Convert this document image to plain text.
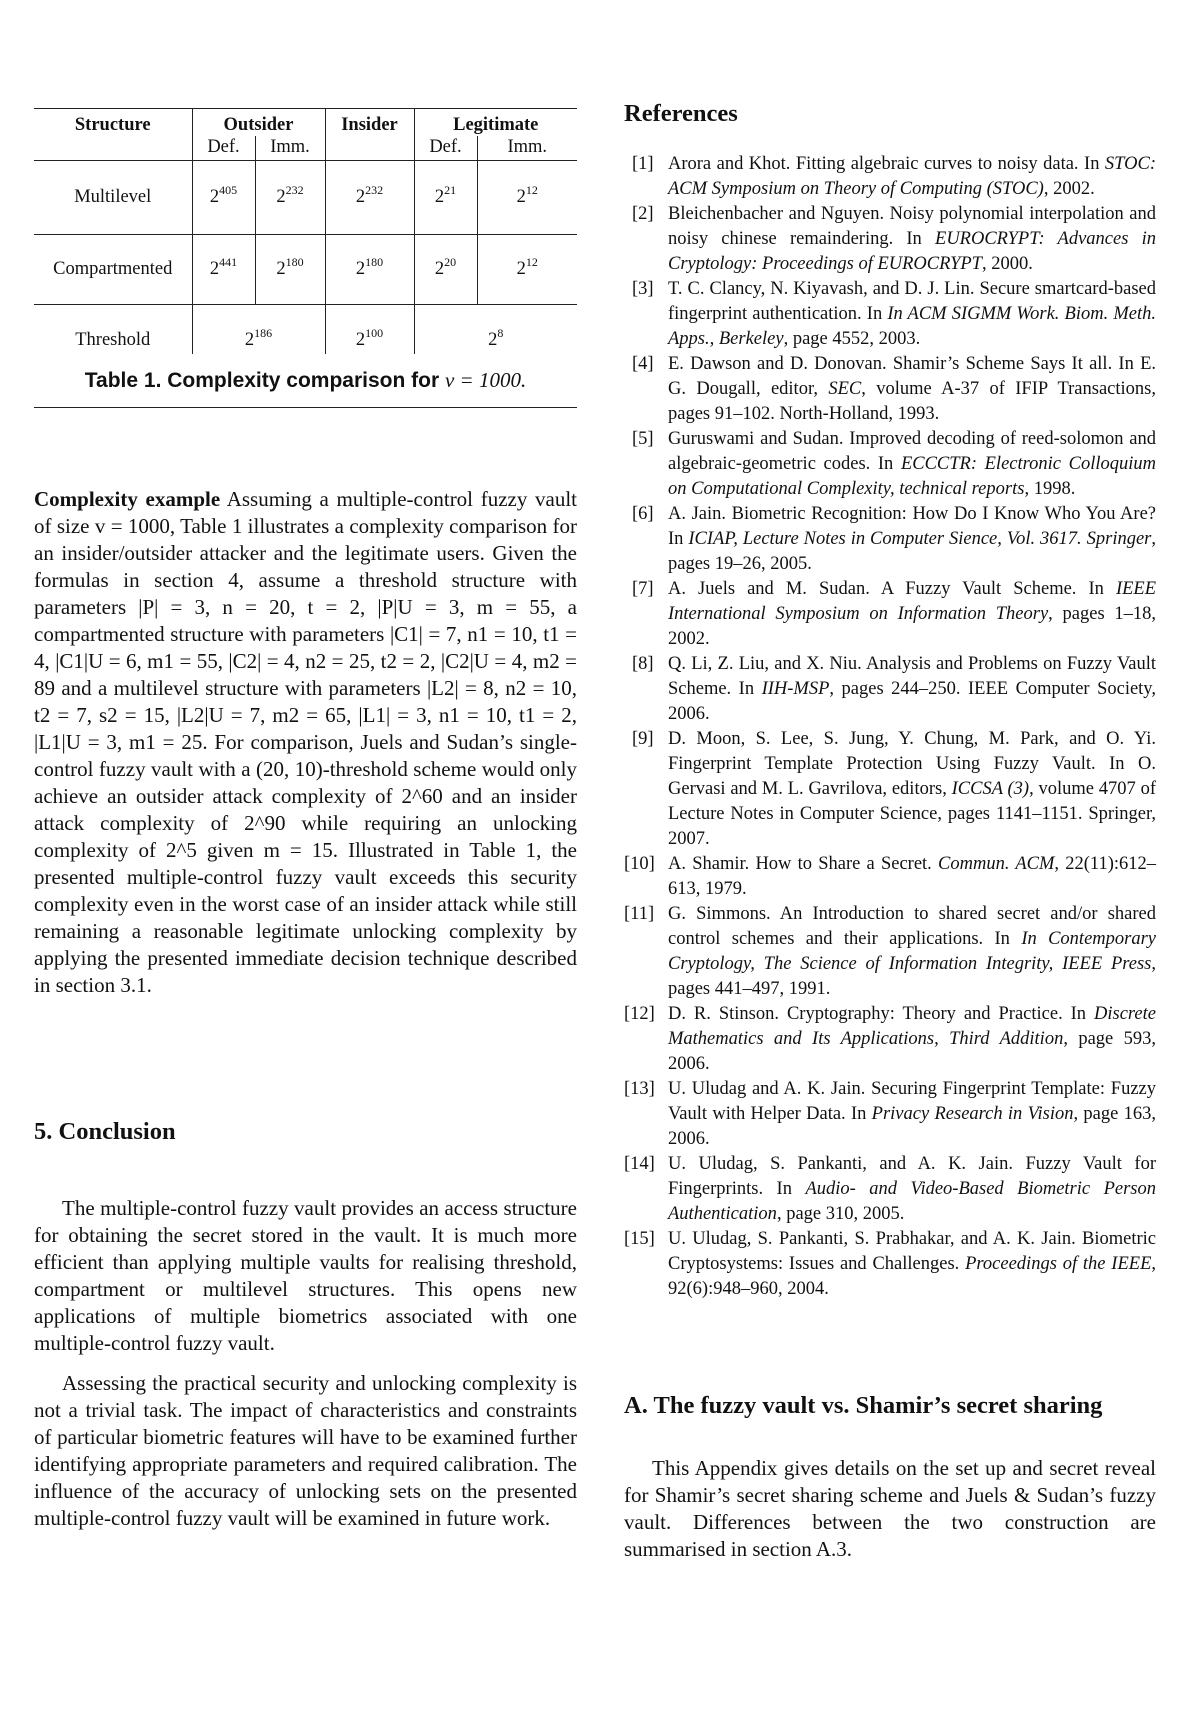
Structure	Outsider		Insider	Legitimate	
	Def.	Imm.		Def.	Imm.
Multilevel	$2^{405}$	$2^{232}$	$2^{232}$	$2^{21}$	$2^{12}$
Compartmented	$2^{441}$	$2^{180}$	$2^{180}$	$2^{20}$	$2^{12}$
Threshold	$2^{186}$		$2^{100}$	$2^8$
Table 1. Complexity comparison for v = 1000.
Complexity example Assuming a multiple-control fuzzy vault of size v = 1000, Table 1 illustrates a complexity comparison for an insider/outsider attacker and the legitimate users. Given the formulas in section 4, assume a threshold structure with parameters |P| = 3, n = 20, t = 2, |P|U = 3, m = 55, a compartmented structure with parameters |C1| = 7, n1 = 10, t1 = 4, |C1|U = 6, m1 = 55, |C2| = 4, n2 = 25, t2 = 2, |C2|U = 4, m2 = 89 and a multilevel structure with parameters |L2| = 8, n2 = 10, t2 = 7, s2 = 15, |L2|U = 7, m2 = 65, |L1| = 3, n1 = 10, t1 = 2, |L1|U = 3, m1 = 25. For comparison, Juels and Sudan’s single-control fuzzy vault with a (20, 10)-threshold scheme would only achieve an outsider attack complexity of 2^60 and an insider attack complexity of 2^90 while requiring an unlocking complexity of 2^5 given m = 15. Illustrated in Table 1, the presented multiple-control fuzzy vault exceeds this security complexity even in the worst case of an insider attack while still remaining a reasonable legitimate unlocking complexity by applying the presented immediate decision technique described in section 3.1.
5. Conclusion
The multiple-control fuzzy vault provides an access structure for obtaining the secret stored in the vault. It is much more efficient than applying multiple vaults for realising threshold, compartment or multilevel structures. This opens new applications of multiple biometrics associated with one multiple-control fuzzy vault.
Assessing the practical security and unlocking complexity is not a trivial task. The impact of characteristics and constraints of particular biometric features will have to be examined further identifying appropriate parameters and required calibration. The influence of the accuracy of unlocking sets on the presented multiple-control fuzzy vault will be examined in future work.
References
[1] Arora and Khot. Fitting algebraic curves to noisy data. In STOC: ACM Symposium on Theory of Computing (STOC), 2002.
[2] Bleichenbacher and Nguyen. Noisy polynomial interpolation and noisy chinese remaindering. In EUROCRYPT: Advances in Cryptology: Proceedings of EUROCRYPT, 2000.
[3] T. C. Clancy, N. Kiyavash, and D. J. Lin. Secure smartcard-based fingerprint authentication. In In ACM SIGMM Work. Biom. Meth. Apps., Berkeley, page 4552, 2003.
[4] E. Dawson and D. Donovan. Shamir’s Scheme Says It all. In E. G. Dougall, editor, SEC, volume A-37 of IFIP Transactions, pages 91–102. North-Holland, 1993.
[5] Guruswami and Sudan. Improved decoding of reed-solomon and algebraic-geometric codes. In ECCCTR: Electronic Colloquium on Computational Complexity, technical reports, 1998.
[6] A. Jain. Biometric Recognition: How Do I Know Who You Are? In ICIAP, Lecture Notes in Computer Sience, Vol. 3617. Springer, pages 19–26, 2005.
[7] A. Juels and M. Sudan. A Fuzzy Vault Scheme. In IEEE International Symposium on Information Theory, pages 1–18, 2002.
[8] Q. Li, Z. Liu, and X. Niu. Analysis and Problems on Fuzzy Vault Scheme. In IIH-MSP, pages 244–250. IEEE Computer Society, 2006.
[9] D. Moon, S. Lee, S. Jung, Y. Chung, M. Park, and O. Yi. Fingerprint Template Protection Using Fuzzy Vault. In O. Gervasi and M. L. Gavrilova, editors, ICCSA (3), volume 4707 of Lecture Notes in Computer Science, pages 1141–1151. Springer, 2007.
[10] A. Shamir. How to Share a Secret. Commun. ACM, 22(11):612–613, 1979.
[11] G. Simmons. An Introduction to shared secret and/or shared control schemes and their applications. In In Contemporary Cryptology, The Science of Information Integrity, IEEE Press, pages 441–497, 1991.
[12] D. R. Stinson. Cryptography: Theory and Practice. In Discrete Mathematics and Its Applications, Third Addition, page 593, 2006.
[13] U. Uludag and A. K. Jain. Securing Fingerprint Template: Fuzzy Vault with Helper Data. In Privacy Research in Vision, page 163, 2006.
[14] U. Uludag, S. Pankanti, and A. K. Jain. Fuzzy Vault for Fingerprints. In Audio- and Video-Based Biometric Person Authentication, page 310, 2005.
[15] U. Uludag, S. Pankanti, S. Prabhakar, and A. K. Jain. Biometric Cryptosystems: Issues and Challenges. Proceedings of the IEEE, 92(6):948–960, 2004.
A. The fuzzy vault vs. Shamir’s secret sharing
This Appendix gives details on the set up and secret reveal for Shamir’s secret sharing scheme and Juels & Sudan’s fuzzy vault. Differences between the two construction are summarised in section A.3.
